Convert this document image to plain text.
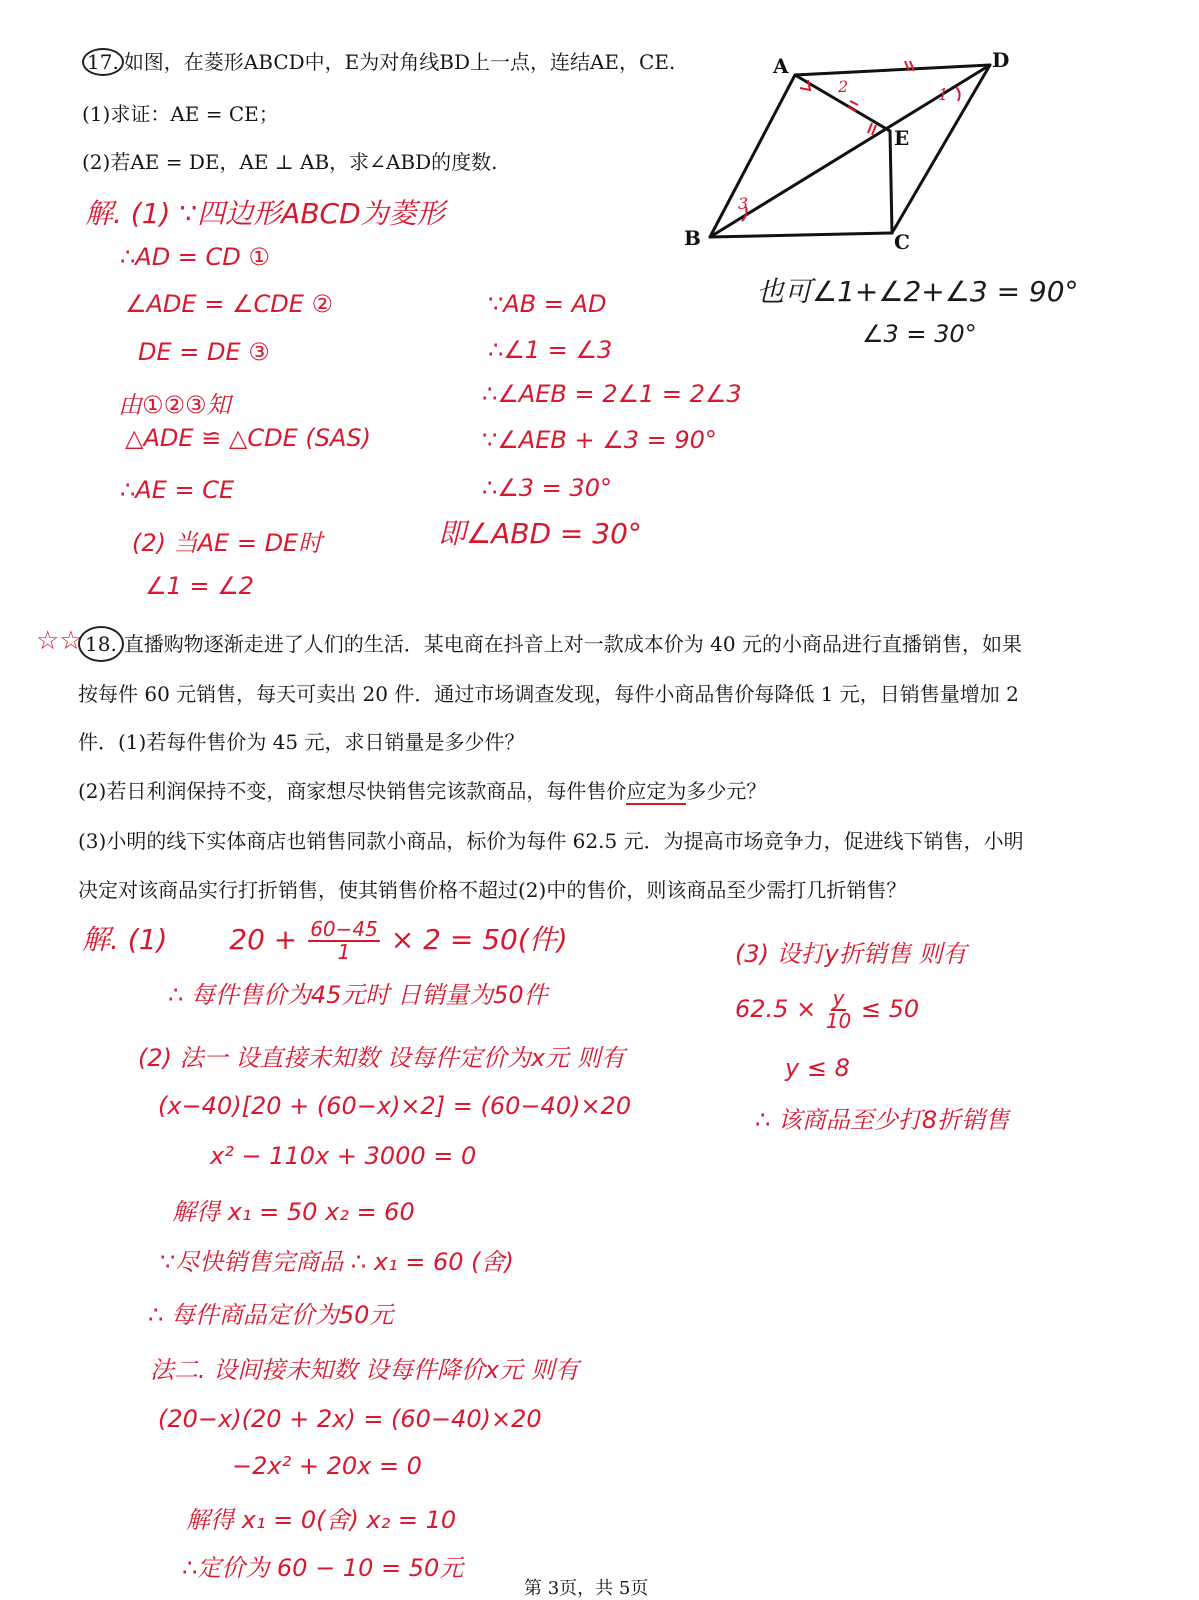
17. 如图，在菱形ABCD中，E为对角线BD上一点，连结AE，CE.
(1)求证：AE = CE；
(2)若AE = DE，AE ⊥ AB，求∠ABD的度数.
A	D
E
B	C
2	1
3
解. (1) ∵四边形ABCD为菱形
∴AD = CD ①
∠ADE = ∠CDE ②
DE = DE ③
由①②③知
△ADE ≌ △CDE (SAS)
∴AE = CE
(2) 当AE = DE时
∠1 = ∠2
∵AB = AD
∴∠1 = ∠3
∴∠AEB = 2∠1 = 2∠3
∵∠AEB + ∠3 = 90°
∴∠3 = 30°
即∠ABD = 30°
也可∠1+∠2+∠3 = 90°
∠3 = 30°
☆☆ 18. 直播购物逐渐走进了人们的生活．某电商在抖音上对一款成本价为 40 元的小商品进行直播销售，如果
按每件 60 元销售，每天可卖出 20 件．通过市场调查发现，每件小商品售价每降低 1 元，日销售量增加 2
件．(1)若每件售价为 45 元，求日销量是多少件？
(2)若日利润保持不变，商家想尽快销售完该款商品，每件售价应定为多少元？
(3)小明的线下实体商店也销售同款小商品，标价为每件 62.5 元．为提高市场竞争力，促进线下销售，小明
决定对该商品实行打折销售，使其销售价格不超过(2)中的售价，则该商品至少需打几折销售？
解. (1) $20 + \frac{60-45}{1} \times 2 = 50$(件)
∴ 每件售价为45元时 日销量为50件
(2) 法一 设直接未知数 设每件定价为x元 则有
(x−40)[20 + (60−x)×2] = (60−40)×20
x² − 110x + 3000 = 0
解得 x₁ = 50 x₂ = 60
∵尽快销售完商品 ∴ x₁ = 60 (舍)
∴ 每件商品定价为50元
法二. 设间接未知数 设每件降价x元 则有
(20−x)(20 + 2x) = (60−40)×20
−2x² + 20x = 0
解得 x₁ = 0(舍) x₂ = 10
∴定价为 60 − 10 = 50元
(3) 设打y折销售 则有
$62.5 \times \frac{y}{10} \le 50$
y ≤ 8
∴ 该商品至少打8折销售
第 3页，共 5页
